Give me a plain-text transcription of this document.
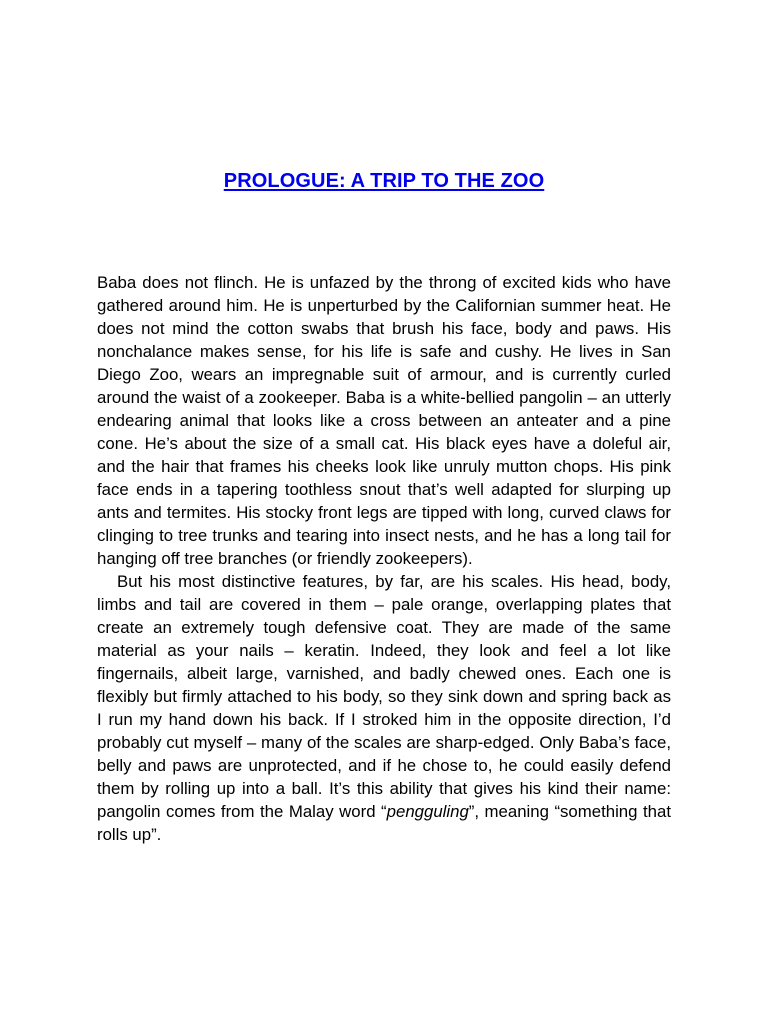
PROLOGUE: A TRIP TO THE ZOO

Baba does not flinch. He is unfazed by the throng of excited kids who have gathered around him. He is unperturbed by the Californian summer heat. He does not mind the cotton swabs that brush his face, body and paws. His nonchalance makes sense, for his life is safe and cushy. He lives in San Diego Zoo, wears an impregnable suit of armour, and is currently curled around the waist of a zookeeper. Baba is a white-bellied pangolin – an utterly endearing animal that looks like a cross between an anteater and a pine cone. He’s about the size of a small cat. His black eyes have a doleful air, and the hair that frames his cheeks look like unruly mutton chops. His pink face ends in a tapering toothless snout that’s well adapted for slurping up ants and termites. His stocky front legs are tipped with long, curved claws for clinging to tree trunks and tearing into insect nests, and he has a long tail for hanging off tree branches (or friendly zookeepers).

But his most distinctive features, by far, are his scales. His head, body, limbs and tail are covered in them – pale orange, overlapping plates that create an extremely tough defensive coat. They are made of the same material as your nails – keratin. Indeed, they look and feel a lot like fingernails, albeit large, varnished, and badly chewed ones. Each one is flexibly but firmly attached to his body, so they sink down and spring back as I run my hand down his back. If I stroked him in the opposite direction, I’d probably cut myself – many of the scales are sharp-edged. Only Baba’s face, belly and paws are unprotected, and if he chose to, he could easily defend them by rolling up into a ball. It’s this ability that gives his kind their name: pangolin comes from the Malay word “pengguling”, meaning “something that rolls up”.
